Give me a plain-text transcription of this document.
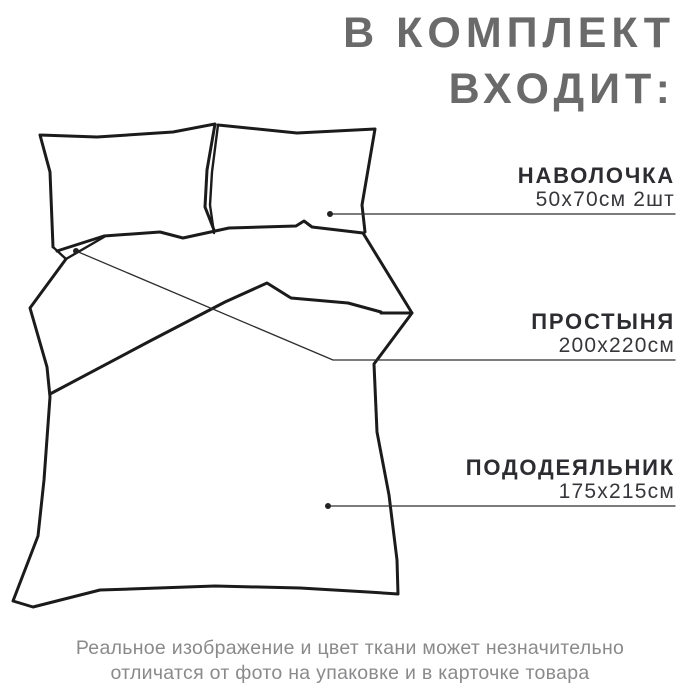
В КОМПЛЕКТ
ВХОДИТ:
НАВОЛОЧКА
50х70см 2шт
ПРОСТЫНЯ
200х220см
ПОДОДЕЯЛЬНИК
175х215см
Реальное изображение и цвет ткани может незначительно
отличатся от фото на упаковке и в карточке товара
